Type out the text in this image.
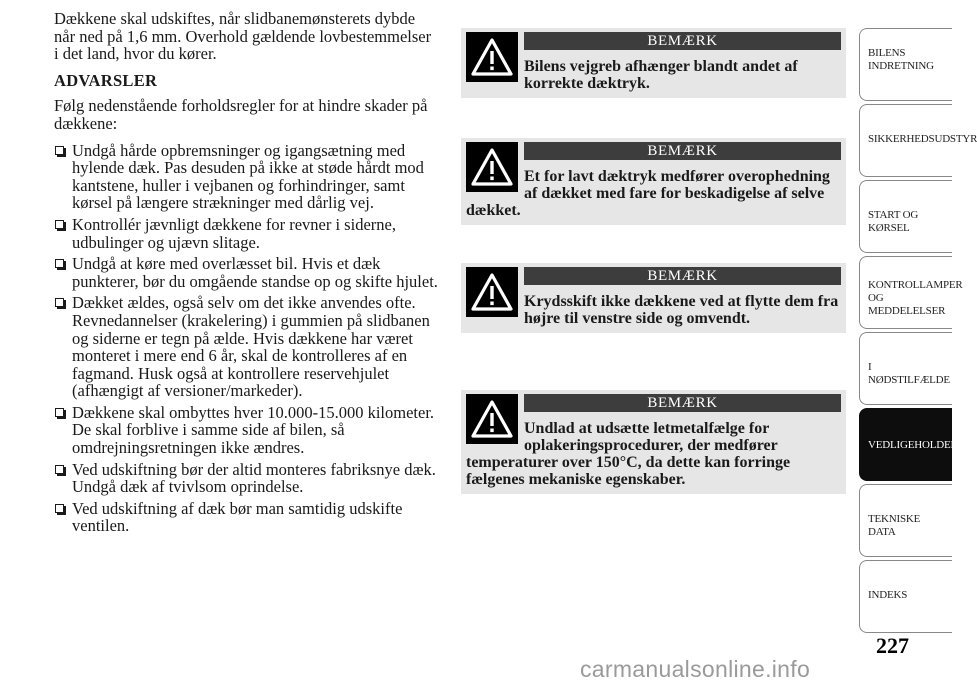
Dækkene skal udskiftes, når slidbanemønsterets dybde når ned på 1,6 mm. Overhold gældende lovbestemmelser i det land, hvor du kører.

ADVARSLER

Følg nedenstående forholdsregler for at hindre skader på dækkene:

Undgå hårde opbremsninger og igangsætning med hylende dæk. Pas desuden på ikke at støde hårdt mod kantstene, huller i vejbanen og forhindringer, samt kørsel på længere strækninger med dårlig vej.
Kontrollér jævnligt dækkene for revner i siderne, udbulinger og ujævn slitage.
Undgå at køre med overlæsset bil. Hvis et dæk punkterer, bør du omgående standse op og skifte hjulet.
Dækket ældes, også selv om det ikke anvendes ofte. Revnedannelser (krakelering) i gummien på slidbanen og siderne er tegn på ælde. Hvis dækkene har været monteret i mere end 6 år, skal de kontrolleres af en fagmand. Husk også at kontrollere reservehjulet (afhængigt af versioner/markeder).
Dækkene skal ombyttes hver 10.000-15.000 kilometer. De skal forblive i samme side af bilen, så omdrejningsretningen ikke ændres.
Ved udskiftning bør der altid monteres fabriksnye dæk. Undgå dæk af tvivlsom oprindelse.
Ved udskiftning af dæk bør man samtidig udskifte ventilen.
BEMÆRK
Bilens vejgreb afhænger blandt andet af korrekte dæktryk.
BEMÆRK
Et for lavt dæktryk medfører overophedning af dækket med fare for beskadigelse af selve dækket.
BEMÆRK
Krydsskift ikke dækkene ved at flytte dem fra højre til venstre side og omvendt.
BEMÆRK
Undlad at udsætte letmetalfælge for oplakeringsprocedurer, der medfører temperaturer over 150°C, da dette kan forringe fælgenes mekaniske egenskaber.
BILENS
INDRETNING
SIKKERHEDSUDSTYR
START OG KØRSEL
KONTROLLAMPER
OG MEDDELELSER
I NØDSTILFÆLDE
VEDLIGEHOLDELSE
TEKNISKE DATA
INDEKS
227
carmanualsonline.info
